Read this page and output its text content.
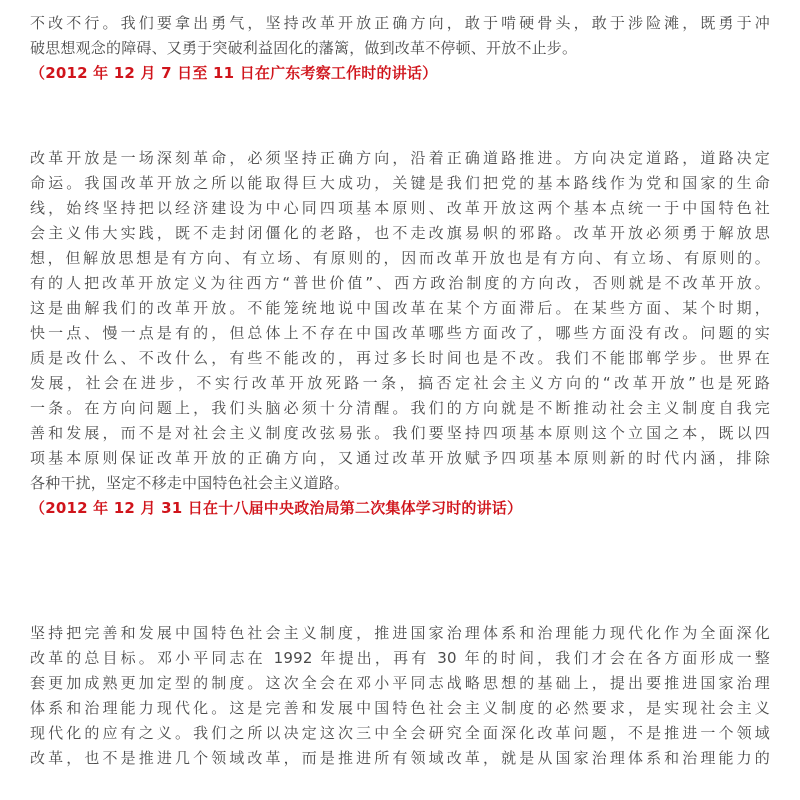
不改不行。我们要拿出勇气，坚持改革开放正确方向，敢于啃硬骨头，敢于涉险滩，既勇于冲
破思想观念的障碍、又勇于突破利益固化的藩篱，做到改革不停顿、开放不止步。
（2012 年 12 月 7 日至 11 日在广东考察工作时的讲话）
改革开放是一场深刻革命，必须坚持正确方向，沿着正确道路推进。方向决定道路，道路决定
命运。我国改革开放之所以能取得巨大成功，关键是我们把党的基本路线作为党和国家的生命
线，始终坚持把以经济建设为中心同四项基本原则、改革开放这两个基本点统一于中国特色社
会主义伟大实践，既不走封闭僵化的老路，也不走改旗易帜的邪路。改革开放必须勇于解放思
想，但解放思想是有方向、有立场、有原则的，因而改革开放也是有方向、有立场、有原则的。
有的人把改革开放定义为往西方“普世价值”、西方政治制度的方向改，否则就是不改革开放。
这是曲解我们的改革开放。不能笼统地说中国改革在某个方面滞后。在某些方面、某个时期，
快一点、慢一点是有的，但总体上不存在中国改革哪些方面改了，哪些方面没有改。问题的实
质是改什么、不改什么，有些不能改的，再过多长时间也是不改。我们不能邯郸学步。世界在
发展，社会在进步，不实行改革开放死路一条，搞否定社会主义方向的“改革开放”也是死路
一条。在方向问题上，我们头脑必须十分清醒。我们的方向就是不断推动社会主义制度自我完
善和发展，而不是对社会主义制度改弦易张。我们要坚持四项基本原则这个立国之本，既以四
项基本原则保证改革开放的正确方向，又通过改革开放赋予四项基本原则新的时代内涵，排除
各种干扰，坚定不移走中国特色社会主义道路。
（2012 年 12 月 31 日在十八届中央政治局第二次集体学习时的讲话）
坚持把完善和发展中国特色社会主义制度，推进国家治理体系和治理能力现代化作为全面深化
改革的总目标。邓小平同志在 1992 年提出，再有 30 年的时间，我们才会在各方面形成一整
套更加成熟更加定型的制度。这次全会在邓小平同志战略思想的基础上，提出要推进国家治理
体系和治理能力现代化。这是完善和发展中国特色社会主义制度的必然要求，是实现社会主义
现代化的应有之义。我们之所以决定这次三中全会研究全面深化改革问题，不是推进一个领域
改革，也不是推进几个领域改革，而是推进所有领域改革，就是从国家治理体系和治理能力的
